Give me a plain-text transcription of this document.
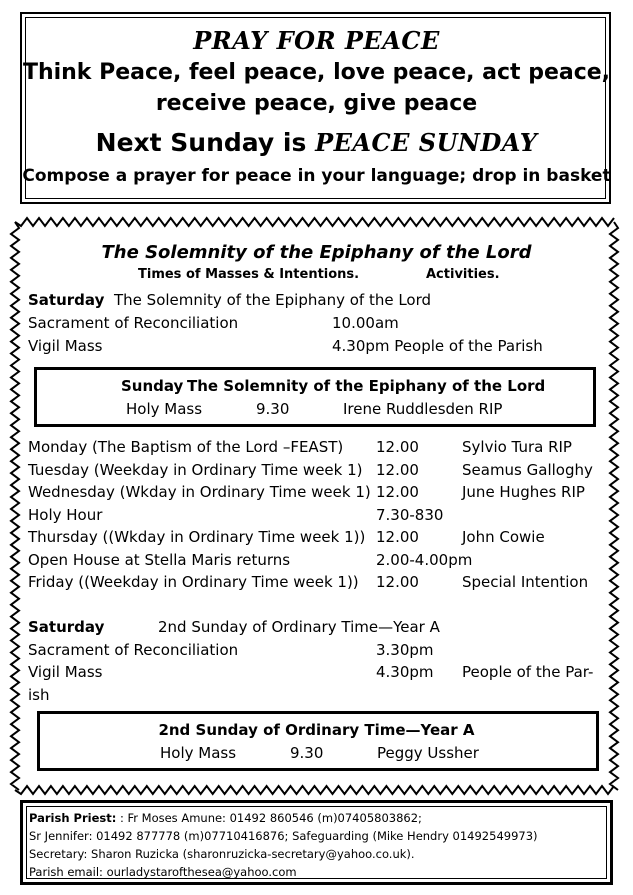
PRAY FOR PEACE
Think Peace, feel peace, love peace, act peace,
receive peace, give peace
Next Sunday is PEACE SUNDAY
Compose a prayer for peace in your language; drop in basket
The Solemnity of the Epiphany of the Lord
Times of Masses & Intentions.	Activities.
Saturday The Solemnity of the Epiphany of the Lord
Sacrament of Reconciliation	10.00am
Vigil Mass	4.30pm People of the Parish
Sunday The Solemnity of the Epiphany of the Lord
Holy Mass	9.30	Irene Ruddlesden RIP
Monday (The Baptism of the Lord –FEAST) 12.00	Sylvio Tura RIP
Tuesday (Weekday in Ordinary Time week 1) 12.00	Seamus Galloghy
Wednesday (Wkday in Ordinary Time week 1) 12.00	June Hughes RIP
Holy Hour	7.30-830
Thursday ((Wkday in Ordinary Time week 1)) 12.00	John Cowie
Open House at Stella Maris returns	2.00-4.00pm
Friday ((Weekday in Ordinary Time week 1)) 12.00	Special Intention
Saturday	2nd Sunday of Ordinary Time—Year A
Sacrament of Reconciliation	3.30pm
Vigil Mass	4.30pm People of the Par-
ish
2nd Sunday of Ordinary Time—Year A
Holy Mass	9.30	Peggy Ussher
Parish Priest: : Fr Moses Amune: 01492 860546 (m)07405803862;
Sr Jennifer: 01492 877778 (m)07710416876; Safeguarding (Mike Hendry 01492549973)
Secretary: Sharon Ruzicka (sharonruzicka-secretary@yahoo.co.uk).
Parish email: ourladystarofthesea@yahoo.com
